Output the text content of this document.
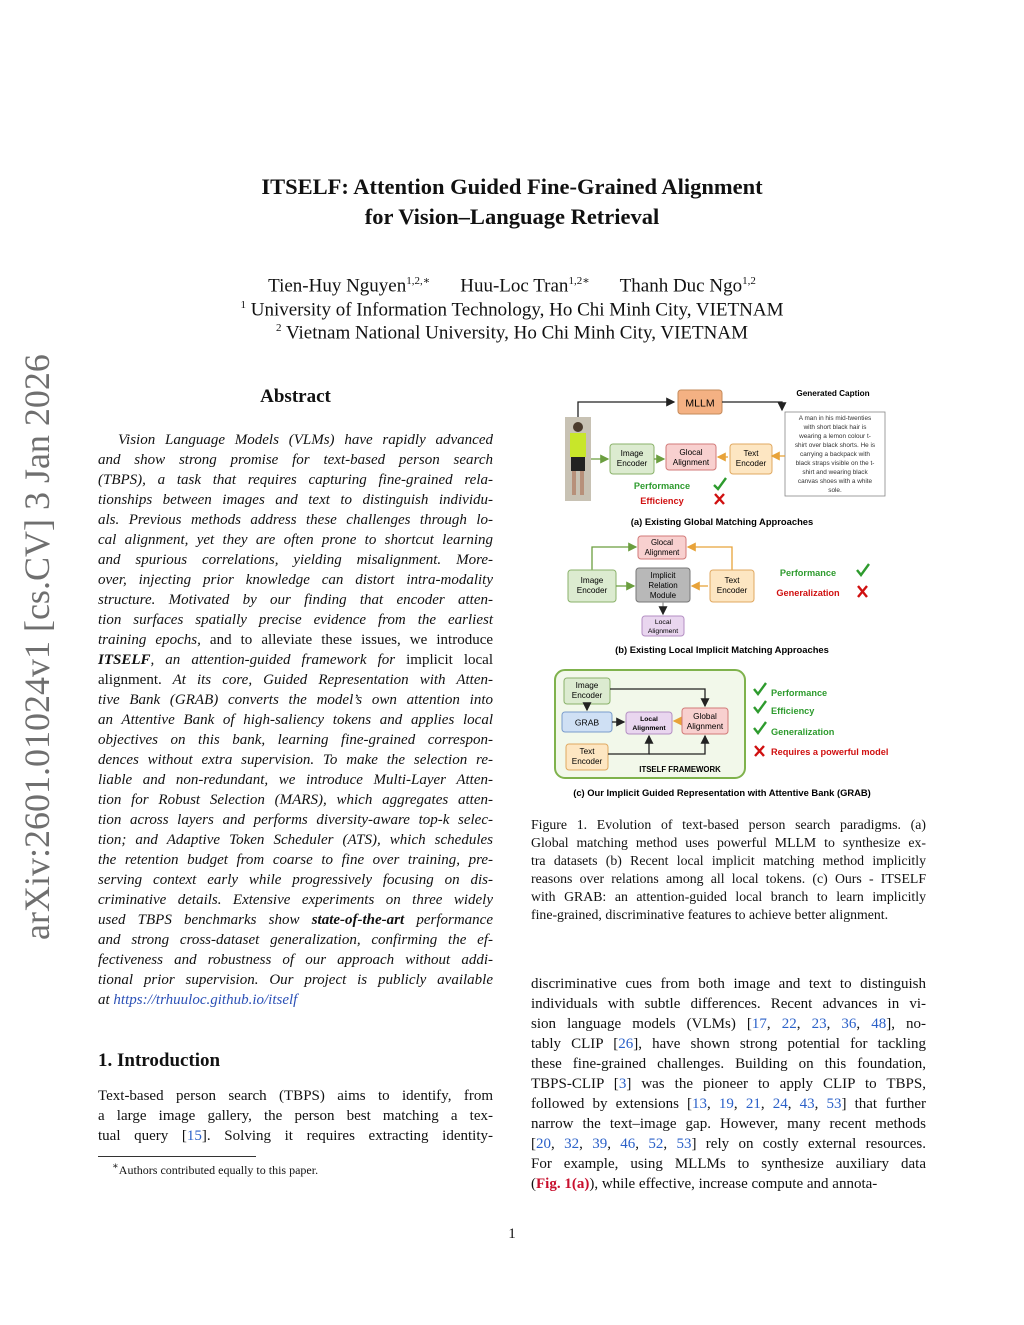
arXiv:2601.01024v1 [cs.CV] 3 Jan 2026
ITSELF: Attention Guided Fine-Grained Alignment
for Vision–Language Retrieval
Tien-Huy Nguyen$^{1,2,∗}$ Huu-Loc Tran$^{1,2∗}$ Thanh Duc Ngo$^{1,2}$
$^1$ University of Information Technology, Ho Chi Minh City, VIETNAM
$^2$ Vietnam National University, Ho Chi Minh City, VIETNAM
Abstract
Vision Language Models (VLMs) have rapidly advanced
and show strong promise for text-based person search
(TBPS), a task that requires capturing fine-grained rela-
tionships between images and text to distinguish individu-
als. Previous methods address these challenges through lo-
cal alignment, yet they are often prone to shortcut learning
and spurious correlations, yielding misalignment. More-
over, injecting prior knowledge can distort intra-modality
structure. Motivated by our finding that encoder atten-
tion surfaces spatially precise evidence from the earliest
training epochs, and to alleviate these issues, we introduce
ITSELF, an attention-guided framework for implicit local
alignment. At its core, Guided Representation with Atten-
tive Bank (GRAB) converts the model’s own attention into
an Attentive Bank of high-saliency tokens and applies local
objectives on this bank, learning fine-grained correspon-
dences without extra supervision. To make the selection re-
liable and non-redundant, we introduce Multi-Layer Atten-
tion for Robust Selection (MARS), which aggregates atten-
tion across layers and performs diversity-aware top-k selec-
tion; and Adaptive Token Scheduler (ATS), which schedules
the retention budget from coarse to fine over training, pre-
serving context early while progressively focusing on dis-
criminative details. Extensive experiments on three widely
used TBPS benchmarks show state-of-the-art performance
and strong cross-dataset generalization, confirming the ef-
fectiveness and robustness of our approach without addi-
tional prior supervision. Our project is publicly available
at https://trhuuloc.github.io/itself
1. Introduction
Text-based person search (TBPS) aims to identify, from
a large image gallery, the person best matching a tex-
tual query [15]. Solving it requires extracting identity-
∗Authors contributed equally to this paper.
1
MLLM
Generated Caption
A man in his mid-twenties
with short black hair is
wearing a lemon colour t-
shirt over black shorts. He is
carrying a backpack with
black straps visible on the t-
shirt and wearing black
canvas shoes with a white
sole.
Image
Encoder
Glocal
Alignment
Text
Encoder
Performance
Efficiency
(a) Existing Global Matching Approaches
Glocal
Alignment
Image
Encoder
Implicit
Relation
Module
Text
Encoder
Local
Alignment
Performance
Generalization
(b) Existing Local Implicit Matching Approaches
Image
Encoder
GRAB	Local
Alignment
Global
Alignment
Text
Encoder
ITSELF FRAMEWORK
Performance
Efficiency
Generalization
Requires a powerful model
(c) Our Implicit Guided Representation with Attentive Bank (GRAB)
Figure 1. Evolution of text-based person search paradigms. (a)
Global matching method uses powerful MLLM to synthesize ex-
tra datasets (b) Recent local implicit matching method implicitly
reasons over relations among all local tokens. (c) Ours - ITSELF
with GRAB: an attention-guided local branch to learn implicitly
fine-grained, discriminative features to achieve better alignment.
discriminative cues from both image and text to distinguish
individuals with subtle differences. Recent advances in vi-
sion language models (VLMs) [17, 22, 23, 36, 48], no-
tably CLIP [26], have shown strong potential for tackling
these fine-grained challenges. Building on this foundation,
TBPS-CLIP [3] was the pioneer to apply CLIP to TBPS,
followed by extensions [13, 19, 21, 24, 43, 53] that further
narrow the text–image gap. However, many recent methods
[20, 32, 39, 46, 52, 53] rely on costly external resources.
For example, using MLLMs to synthesize auxiliary data
(Fig. 1(a)), while effective, increase compute and annota-
